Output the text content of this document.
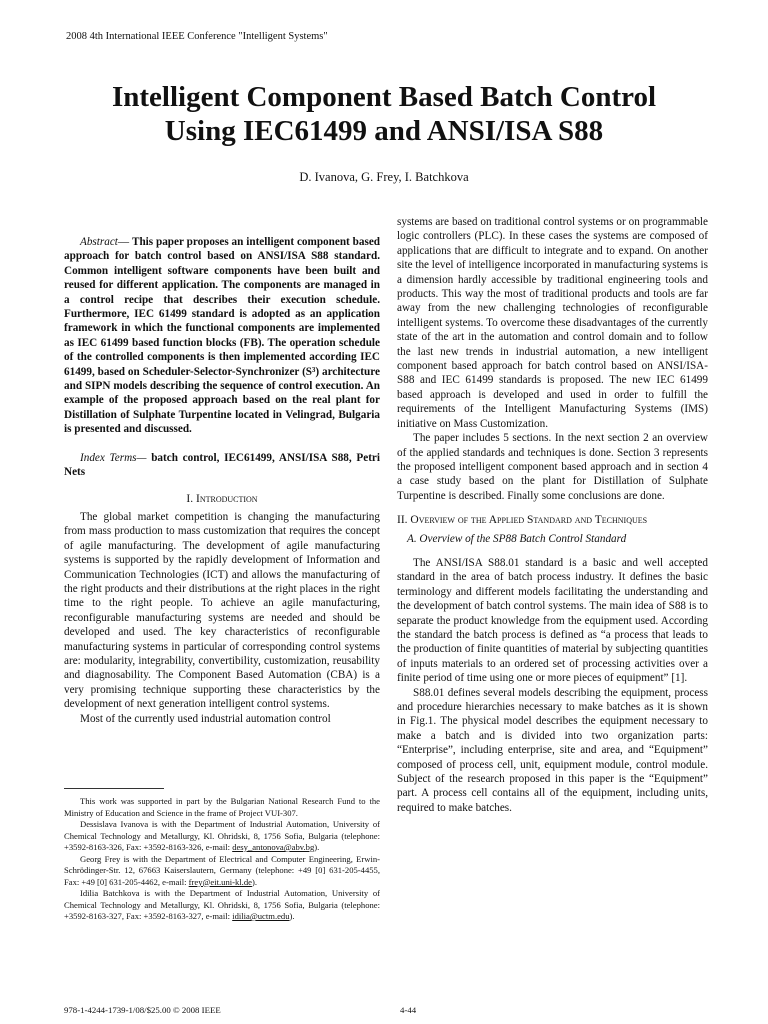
2008 4th International IEEE Conference "Intelligent Systems"
Intelligent Component Based Batch Control
Using IEC61499 and ANSI/ISA S88
D. Ivanova, G. Frey, I. Batchkova

Abstract— This paper proposes an intelligent component based approach for batch control based on ANSI/ISA S88 standard. Common intelligent software components have been built and reused for different application. The components are managed in a control recipe that describes their execution schedule. Furthermore, IEC 61499 standard is adopted as an application framework in which the functional components are implemented as IEC 61499 based function blocks (FB). The operation schedule of the controlled components is then implemented according IEC 61499, based on Scheduler-Selector-Synchronizer (S³) architecture and SIPN models describing the sequence of control execution. An example of the proposed approach based on the real plant for Distillation of Sulphate Turpentine located in Velingrad, Bulgaria is presented and discussed.

Index Terms— batch control, IEC61499, ANSI/ISA S88, Petri Nets

I. Introduction

The global market competition is changing the manufacturing from mass production to mass customization that requires the concept of agile manufacturing. The development of agile manufacturing systems is supported by the rapidly development of Information and Communication Technologies (ICT) and allows the manufacturing of the right products and their distributions at the right places in the right time to the right people. To achieve an agile manufacturing, reconfigurable manufacturing systems are needed and should be developed and used. The key characteristics of reconfigurable manufacturing systems in particular of corresponding control systems are: modularity, integrability, convertibility, customization, reusability and diagnosability. The Component Based Automation (CBA) is a very promising technique supporting these characteristics by the development of next generation intelligent control systems.

Most of the currently used industrial automation control

This work was supported in part by the Bulgarian National Research Fund to the Ministry of Education and Science in the frame of Project VUI-307.

Dessislava Ivanova is with the Department of Industrial Automation, University of Chemical Technology and Metallurgy, Kl. Ohridski, 8, 1756 Sofia, Bulgaria (telephone: +3592-8163-326, Fax: +3592-8163-326, e-mail: desy_antonova@abv.bg).

Georg Frey is with the Department of Electrical and Computer Engineering, Erwin-Schrödinger-Str. 12, 67663 Kaiserslautern, Germany (telephone: +49 [0] 631-205-4455, Fax: +49 [0] 631-205-4462, e-mail: frey@eit.uni-kl.de).

Idilia Batchkova is with the Department of Industrial Automation, University of Chemical Technology and Metallurgy, Kl. Ohridski, 8, 1756 Sofia, Bulgaria (telephone: +3592-8163-327, Fax: +3592-8163-327, e-mail: idilia@uctm.edu).

systems are based on traditional control systems or on programmable logic controllers (PLC). In these cases the systems are composed of applications that are difficult to integrate and to expand. On another site the level of intelligence incorporated in manufacturing systems is a dimension hardly accessible by traditional engineering tools and products. This way the most of traditional products and tools are far away from the new challenging technologies of reconfigurable intelligent systems. To overcome these disadvantages of the currently state of the art in the automation and control domain and to follow the last new trends in industrial automation, a new intelligent component based approach for batch control based on ANSI/ISA-S88 and IEC 61499 standards is proposed. The new IEC 61499 based approach is developed and used in order to fulfill the requirements of the Intelligent Manufacturing Systems (IMS) initiative on Mass Customization.

The paper includes 5 sections. In the next section 2 an overview of the applied standards and techniques is done. Section 3 represents the proposed intelligent component based approach and in section 4 a case study based on the plant for Distillation of Sulphate Turpentine is described. Finally some conclusions are done.

II. Overview of the Applied Standard and Techniques

A. Overview of the SP88 Batch Control Standard

The ANSI/ISA S88.01 standard is a basic and well accepted standard in the area of batch process industry. It defines the basic terminology and different models facilitating the understanding and the development of batch control systems. The main idea of S88 is to separate the product knowledge from the equipment used. According the standard the batch process is defined as “a process that leads to the production of finite quantities of material by subjecting quantities of inputs materials to an ordered set of processing activities over a finite period of time using one or more pieces of equipment” [1].

S88.01 defines several models describing the equipment, process and procedure hierarchies necessary to make batches as it is shown in Fig.1. The physical model describes the equipment necessary to make a batch and is divided into two organization parts: “Enterprise”, including enterprise, site and area, and “Equipment” composed of process cell, unit, equipment module, control module. Subject of the research proposed in this paper is the “Equipment” part. A process cell contains all of the equipment, including units, required to make batches.

978-1-4244-1739-1/08/$25.00 © 2008 IEEE	4-44
